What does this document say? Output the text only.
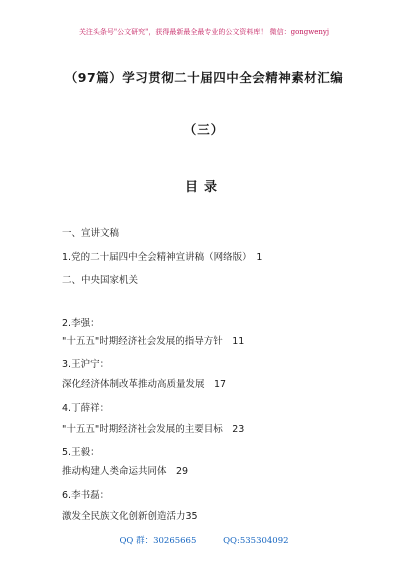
关注头条号"公文研究"，获得最新最全最专业的公文资料库！ 微信：gongwenyj
（97篇）学习贯彻二十届四中全会精神素材汇编
（三）
目录
一、宣讲文稿
1.党的二十届四中全会精神宣讲稿（网络版）　1
二、中央国家机关
2.李强：
"十五五"时期经济社会发展的指导方针　11
3.王沪宁：
深化经济体制改革推动高质量发展　17
4.丁薛祥：
"十五五"时期经济社会发展的主要目标　23
5.王毅：
推动构建人类命运共同体　29
6.李书磊：
激发全民族文化创新创造活力35
QQ 群：30265665	QQ:535304092
